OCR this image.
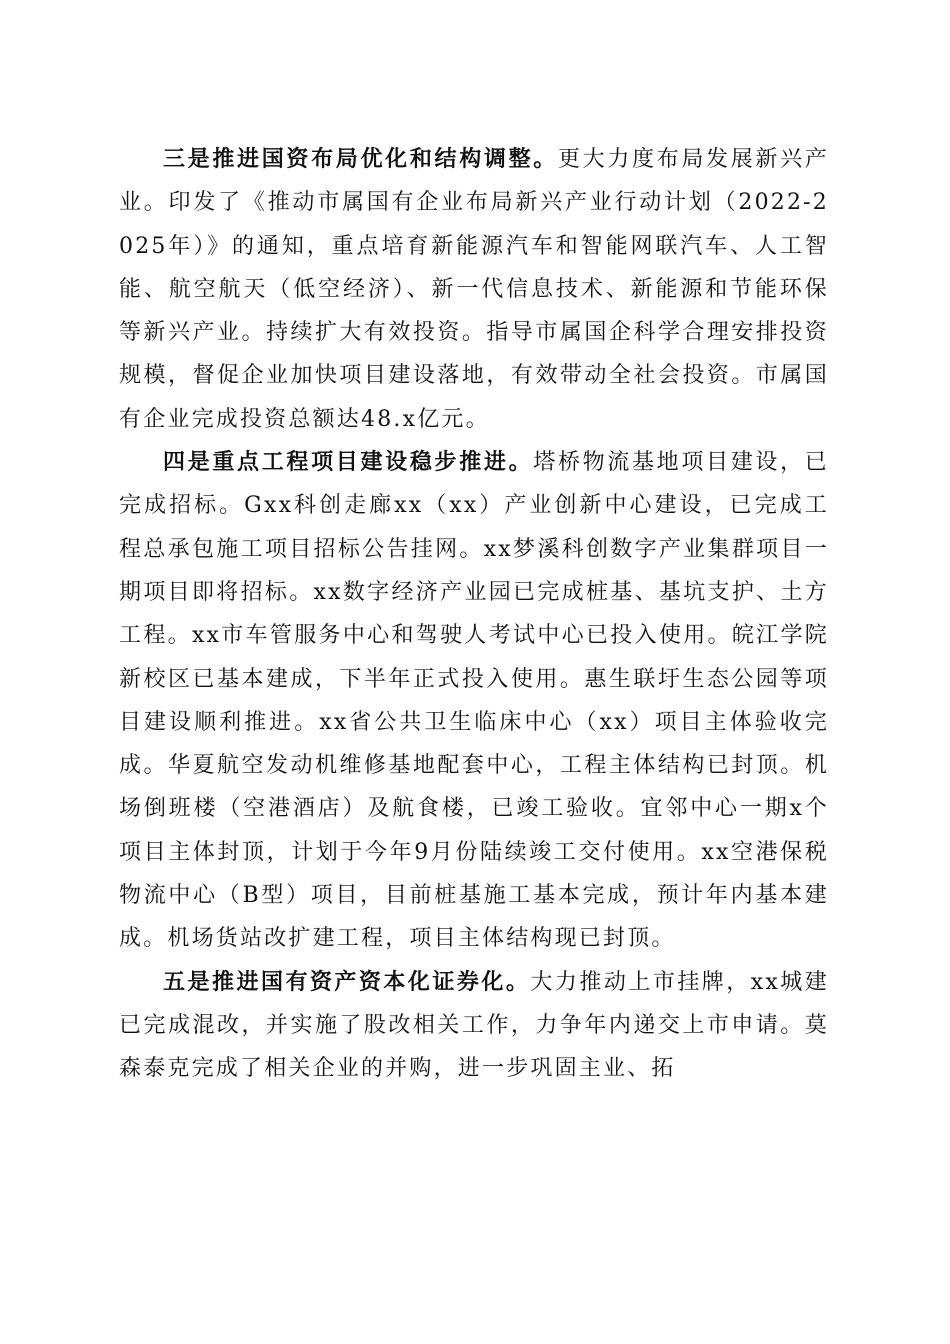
三是推进国资布局优化和结构调整。更大力度布局发展新兴产业。印发了《推动市属国有企业布局新兴产业行动计划（2022-2025年）》的通知，重点培育新能源汽车和智能网联汽车、人工智能、航空航天（低空经济）、新一代信息技术、新能源和节能环保等新兴产业。持续扩大有效投资。指导市属国企科学合理安排投资规模，督促企业加快项目建设落地，有效带动全社会投资。市属国有企业完成投资总额达48.x亿元。

四是重点工程项目建设稳步推进。塔桥物流基地项目建设，已完成招标。Gxx科创走廊xx（xx）产业创新中心建设，已完成工程总承包施工项目招标公告挂网。xx梦溪科创数字产业集群项目一期项目即将招标。xx数字经济产业园已完成桩基、基坑支护、土方工程。xx市车管服务中心和驾驶人考试中心已投入使用。皖江学院新校区已基本建成，下半年正式投入使用。惠生联圩生态公园等项目建设顺利推进。xx省公共卫生临床中心（xx）项目主体验收完成。华夏航空发动机维修基地配套中心，工程主体结构已封顶。机场倒班楼（空港酒店）及航食楼，已竣工验收。宜邻中心一期x个项目主体封顶，计划于今年9月份陆续竣工交付使用。xx空港保税物流中心（B型）项目，目前桩基施工基本完成，预计年内基本建成。机场货站改扩建工程，项目主体结构现已封顶。

五是推进国有资产资本化证券化。大力推动上市挂牌，xx城建已完成混改，并实施了股改相关工作，力争年内递交上市申请。莫森泰克完成了相关企业的并购，进一步巩固主业、拓
